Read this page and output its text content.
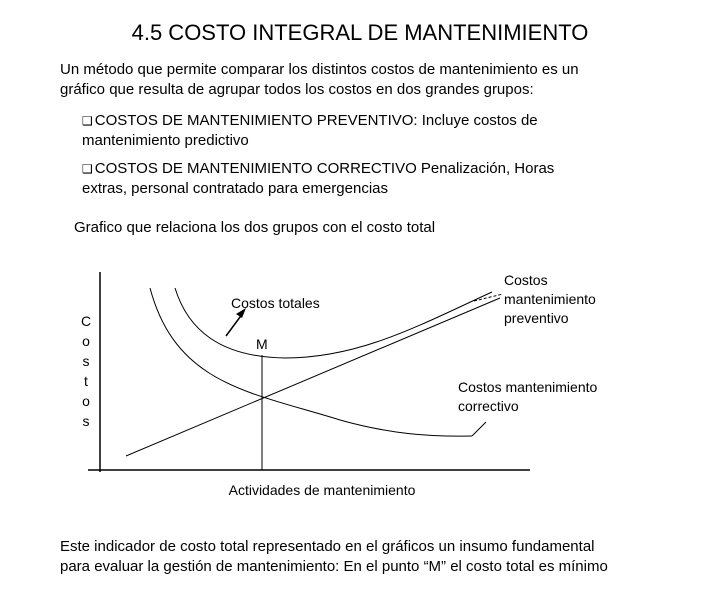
4.5 COSTO INTEGRAL DE MANTENIMIENTO
Un método que permite comparar los distintos costos de mantenimiento es un
gráfico que resulta de agrupar todos los costos en dos grandes grupos:
❑ COSTOS DE MANTENIMIENTO PREVENTIVO: Incluye costos de
mantenimiento predictivo
❑ COSTOS DE MANTENIMIENTO CORRECTIVO Penalización, Horas
extras, personal contratado para emergencias
Grafico que relaciona los dos grupos con el costo total
C
o
s
t
o
s
Costos totales
M
Costos
mantenimiento
preventivo
Costos mantenimiento
correctivo
Actividades de mantenimiento
Este indicador de costo total representado en el gráficos un insumo fundamental
para evaluar la gestión de mantenimiento: En el punto “M” el costo total es mínimo
